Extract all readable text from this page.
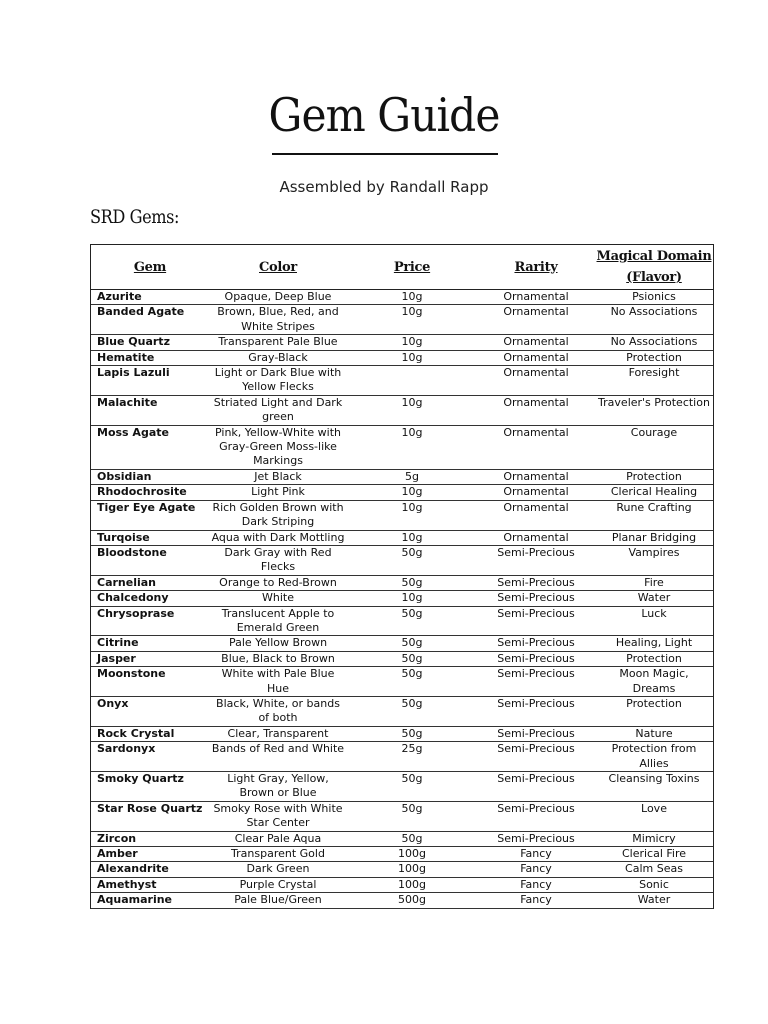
Gem Guide
Assembled by Randall Rapp
SRD Gems:
Gem	Color	Price	Rarity	Magical Domain
(Flavor)
Azurite	Opaque, Deep Blue	10g	Ornamental	Psionics
Banded Agate	Brown, Blue, Red, and White Stripes	10g	Ornamental	No Associations
Blue Quartz	Transparent Pale Blue	10g	Ornamental	No Associations
Hematite	Gray-Black	10g	Ornamental	Protection
Lapis Lazuli	Light or Dark Blue with Yellow Flecks		Ornamental	Foresight
Malachite	Striated Light and Dark green	10g	Ornamental	Traveler's Protection
Moss Agate	Pink, Yellow-White with Gray-Green Moss-like Markings	10g	Ornamental	Courage
Obsidian	Jet Black	5g	Ornamental	Protection
Rhodochrosite	Light Pink	10g	Ornamental	Clerical Healing
Tiger Eye Agate	Rich Golden Brown with Dark Striping	10g	Ornamental	Rune Crafting
Turqoise	Aqua with Dark Mottling	10g	Ornamental	Planar Bridging
Bloodstone	Dark Gray with Red Flecks	50g	Semi-Precious	Vampires
Carnelian	Orange to Red-Brown	50g	Semi-Precious	Fire
Chalcedony	White	10g	Semi-Precious	Water
Chrysoprase	Translucent Apple to Emerald Green	50g	Semi-Precious	Luck
Citrine	Pale Yellow Brown	50g	Semi-Precious	Healing, Light
Jasper	Blue, Black to Brown	50g	Semi-Precious	Protection
Moonstone	White with Pale Blue Hue	50g	Semi-Precious	Moon Magic, Dreams
Onyx	Black, White, or bands of both	50g	Semi-Precious	Protection
Rock Crystal	Clear, Transparent	50g	Semi-Precious	Nature
Sardonyx	Bands of Red and White	25g	Semi-Precious	Protection from Allies
Smoky Quartz	Light Gray, Yellow, Brown or Blue	50g	Semi-Precious	Cleansing Toxins
Star Rose Quartz	Smoky Rose with White Star Center	50g	Semi-Precious	Love
Zircon	Clear Pale Aqua	50g	Semi-Precious	Mimicry
Amber	Transparent Gold	100g	Fancy	Clerical Fire
Alexandrite	Dark Green	100g	Fancy	Calm Seas
Amethyst	Purple Crystal	100g	Fancy	Sonic
Aquamarine	Pale Blue/Green	500g	Fancy	Water
